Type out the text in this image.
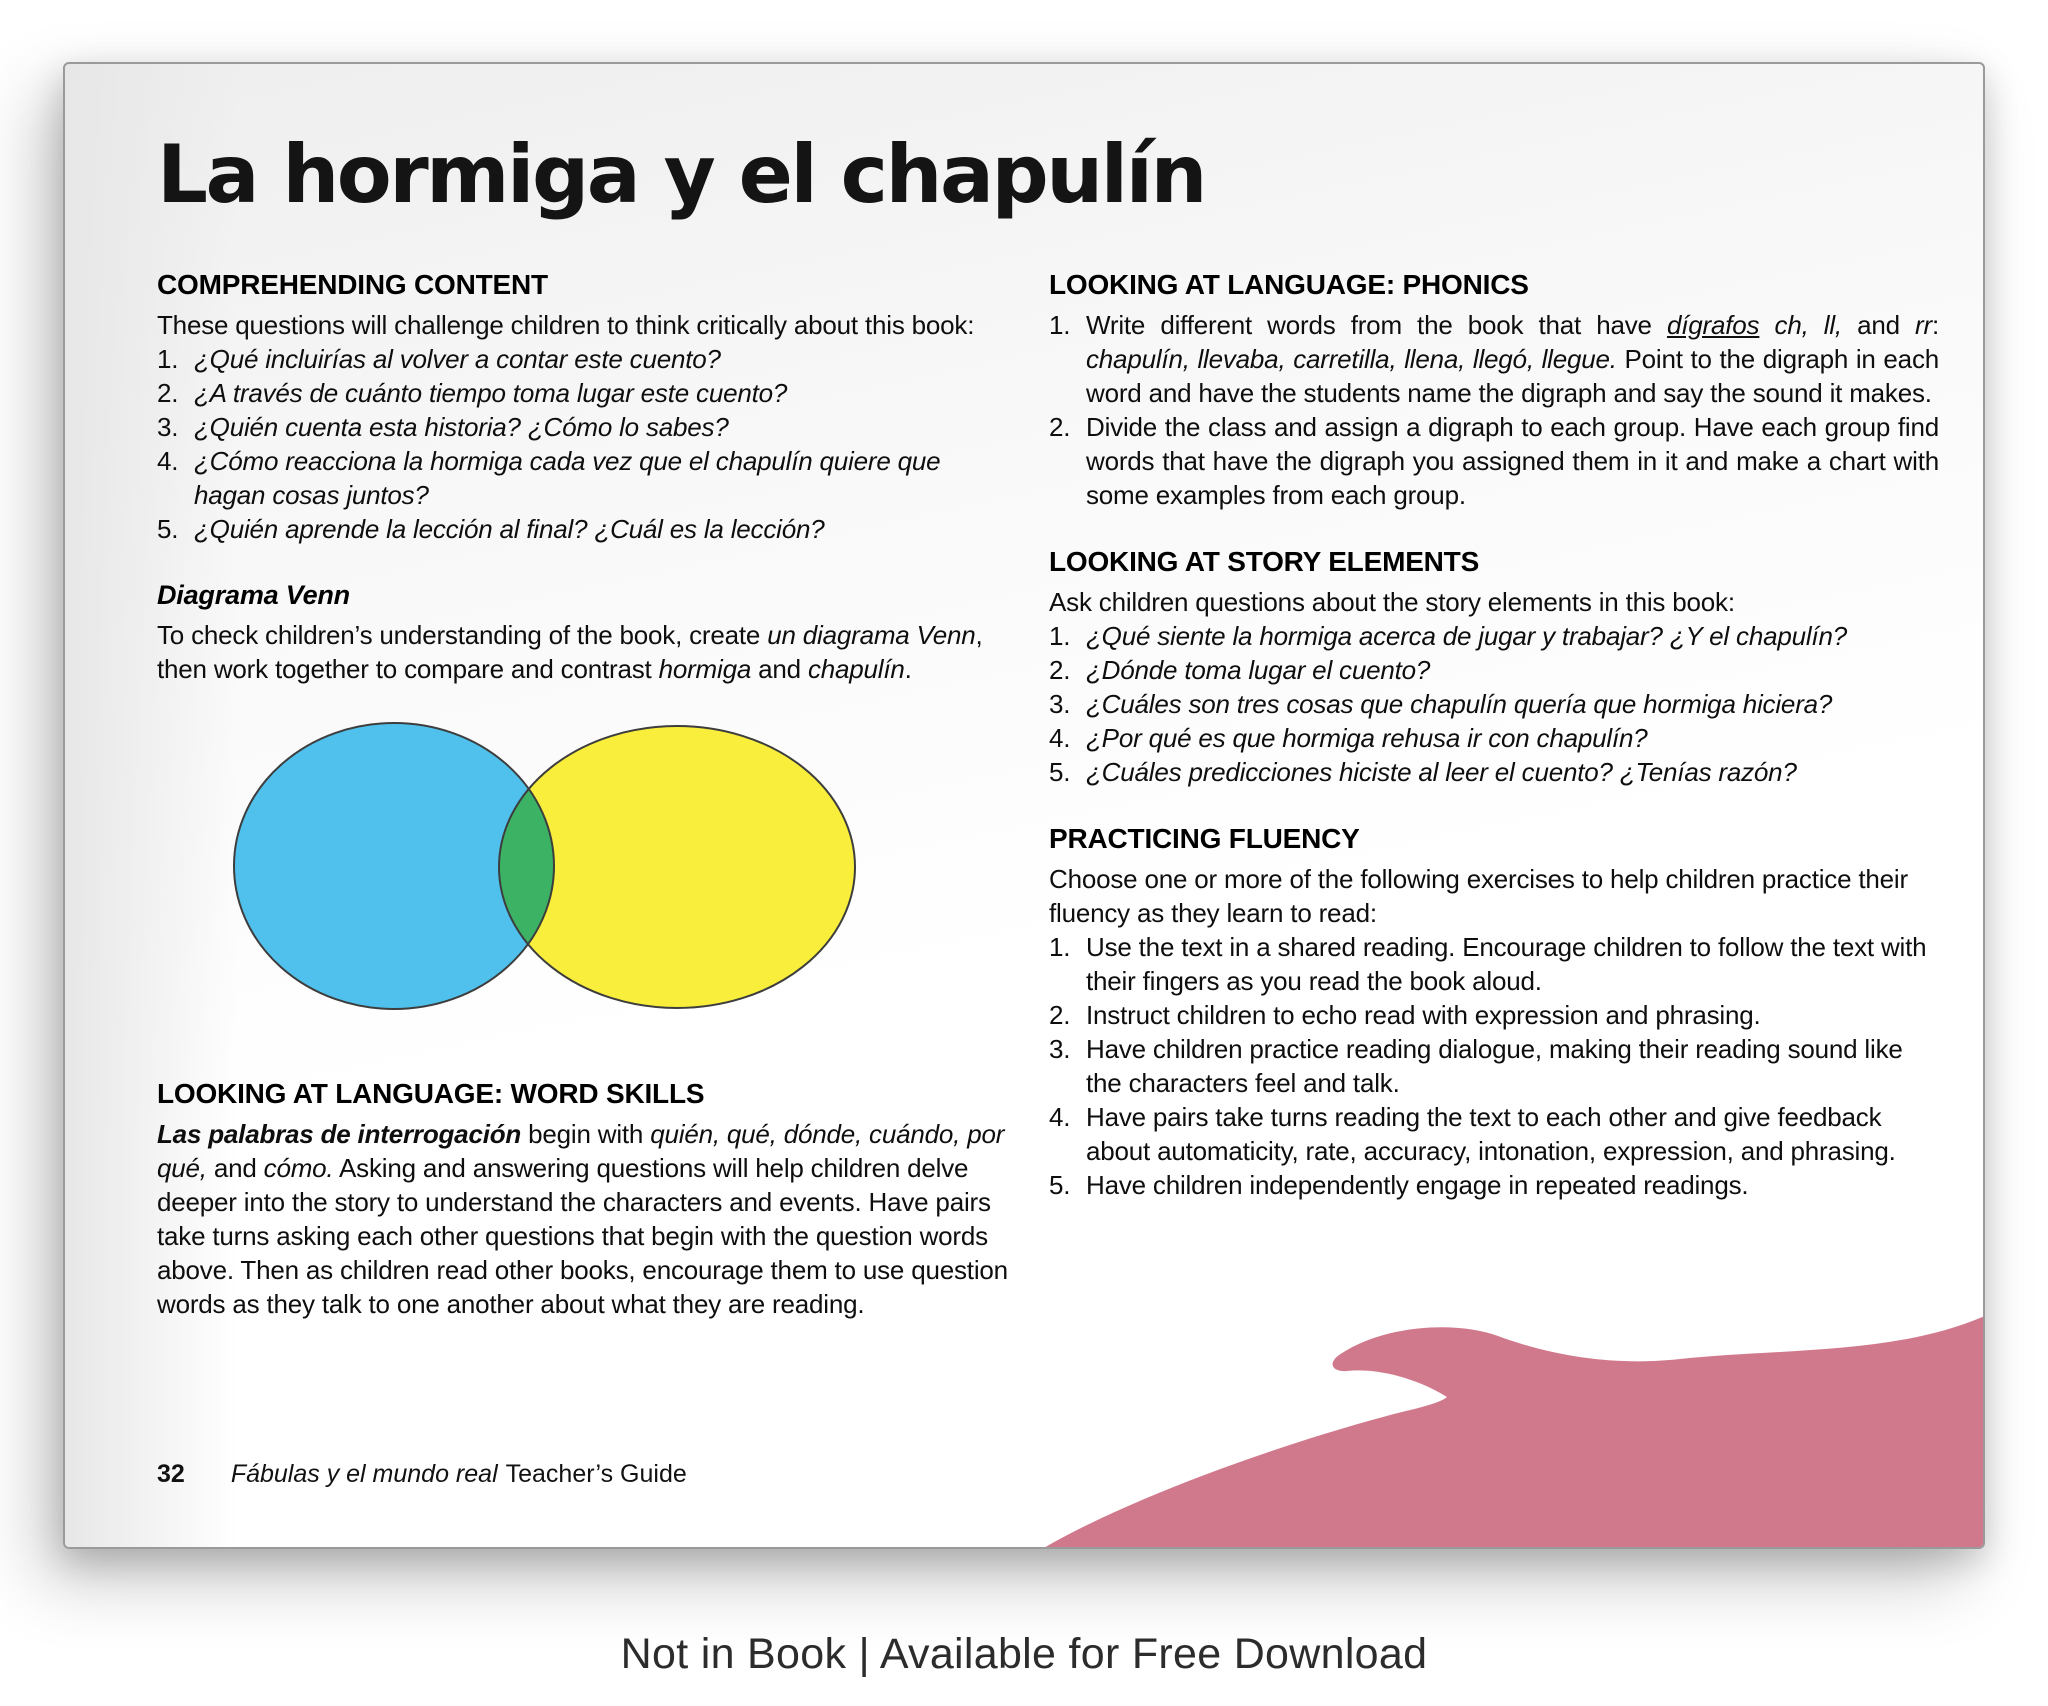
La hormiga y el chapulín
COMPREHENDING CONTENT

These questions will challenge children to think critically about this book:

¿Qué incluirías al volver a contar este cuento?
¿A través de cuánto tiempo toma lugar este cuento?
¿Quién cuenta esta historia? ¿Cómo lo sabes?
¿Cómo reacciona la hormiga cada vez que el chapulín quiere que hagan cosas juntos?
¿Quién aprende la lección al final? ¿Cuál es la lección?
Diagrama Venn

To check children’s understanding of the book, create un diagrama Venn, then work together to compare and contrast hormiga and chapulín.

LOOKING AT LANGUAGE: WORD SKILLS

Las palabras de interrogación begin with quién, qué, dónde, cuándo, por qué, and cómo. Asking and answering questions will help children delve deeper into the story to understand the characters and events. Have pairs take turns asking each other questions that begin with the question words above. Then as children read other books, encourage them to use question words as they talk to one another about what they are reading.

LOOKING AT LANGUAGE: PHONICS
Write different words from the book that have dígrafos ch, ll, and rr: chapulín, llevaba, carretilla, llena, llegó, llegue. Point to the digraph in each word and have the students name the digraph and say the sound it makes.
Divide the class and assign a digraph to each group. Have each group find words that have the digraph you assigned them in it and make a chart with some examples from each group.
LOOKING AT STORY ELEMENTS

Ask children questions about the story elements in this book:

¿Qué siente la hormiga acerca de jugar y trabajar? ¿Y el chapulín?
¿Dónde toma lugar el cuento?
¿Cuáles son tres cosas que chapulín quería que hormiga hiciera?
¿Por qué es que hormiga rehusa ir con chapulín?
¿Cuáles predicciones hiciste al leer el cuento? ¿Tenías razón?
PRACTICING FLUENCY

Choose one or more of the following exercises to help children practice their fluency as they learn to read:

Use the text in a shared reading. Encourage children to follow the text with their fingers as you read the book aloud.
Instruct children to echo read with expression and phrasing.
Have children practice reading dialogue, making their reading sound like the characters feel and talk.
Have pairs take turns reading the text to each other and give feedback about automaticity, rate, accuracy, intonation, expression, and phrasing.
Have children independently engage in repeated readings.
32 Fábulas y el mundo real Teacher’s Guide
Not in Book | Available for Free Download
